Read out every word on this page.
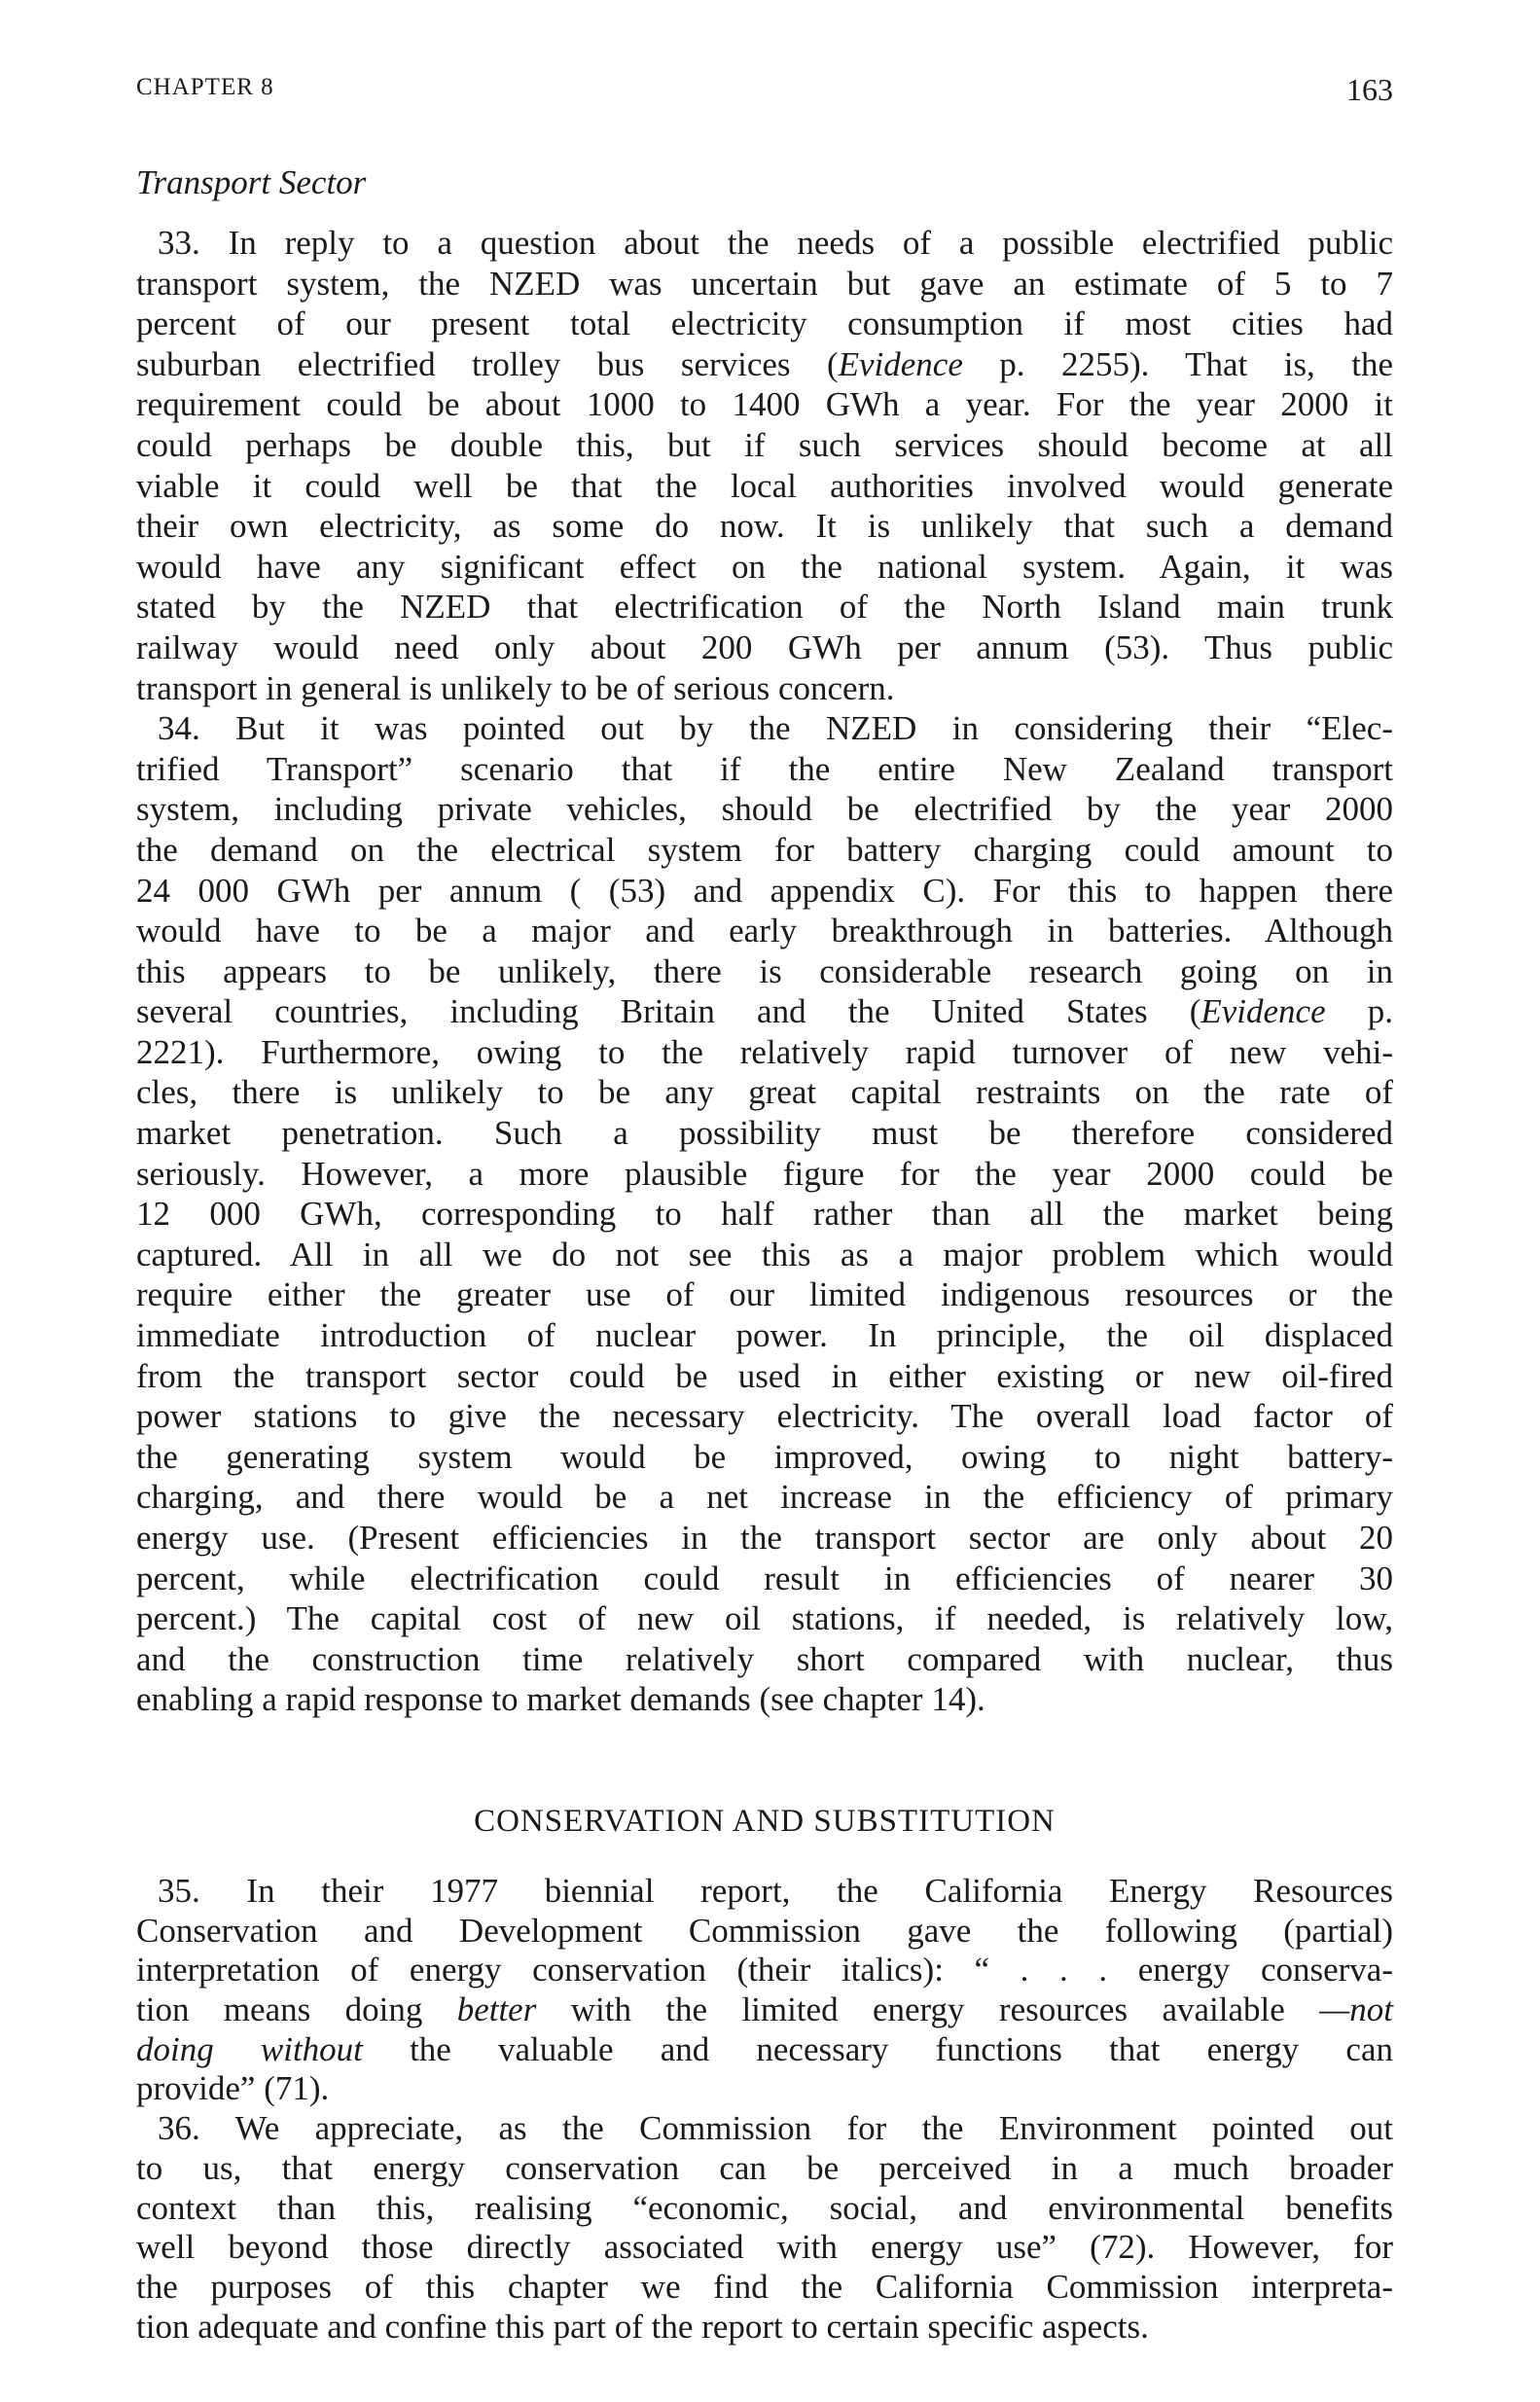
CHAPTER 8	163
Transport Sector
33. In reply to a question about the needs of a possible electrified public
transport system, the NZED was uncertain but gave an estimate of 5 to 7
percent of our present total electricity consumption if most cities had
suburban electrified trolley bus services (Evidence p. 2255). That is, the
requirement could be about 1000 to 1400 GWh a year. For the year 2000 it
could perhaps be double this, but if such services should become at all
viable it could well be that the local authorities involved would generate
their own electricity, as some do now. It is unlikely that such a demand
would have any significant effect on the national system. Again, it was
stated by the NZED that electrification of the North Island main trunk
railway would need only about 200 GWh per annum (53). Thus public
transport in general is unlikely to be of serious concern.
34. But it was pointed out by the NZED in considering their “Elec-
trified Transport” scenario that if the entire New Zealand transport
system, including private vehicles, should be electrified by the year 2000
the demand on the electrical system for battery charging could amount to
24 000 GWh per annum ( (53) and appendix C). For this to happen there
would have to be a major and early breakthrough in batteries. Although
this appears to be unlikely, there is considerable research going on in
several countries, including Britain and the United States (Evidence p.
2221). Furthermore, owing to the relatively rapid turnover of new vehi-
cles, there is unlikely to be any great capital restraints on the rate of
market penetration. Such a possibility must be therefore considered
seriously. However, a more plausible figure for the year 2000 could be
12 000 GWh, corresponding to half rather than all the market being
captured. All in all we do not see this as a major problem which would
require either the greater use of our limited indigenous resources or the
immediate introduction of nuclear power. In principle, the oil displaced
from the transport sector could be used in either existing or new oil-fired
power stations to give the necessary electricity. The overall load factor of
the generating system would be improved, owing to night battery-
charging, and there would be a net increase in the efficiency of primary
energy use. (Present efficiencies in the transport sector are only about 20
percent, while electrification could result in efficiencies of nearer 30
percent.) The capital cost of new oil stations, if needed, is relatively low,
and the construction time relatively short compared with nuclear, thus
enabling a rapid response to market demands (see chapter 14).
CONSERVATION AND SUBSTITUTION
35. In their 1977 biennial report, the California Energy Resources
Conservation and Development Commission gave the following (partial)
interpretation of energy conservation (their italics): “ . . . energy conserva-
tion means doing better with the limited energy resources available —not
doing without the valuable and necessary functions that energy can
provide” (71).
36. We appreciate, as the Commission for the Environment pointed out
to us, that energy conservation can be perceived in a much broader
context than this, realising “economic, social, and environmental benefits
well beyond those directly associated with energy use” (72). However, for
the purposes of this chapter we find the California Commission interpreta-
tion adequate and confine this part of the report to certain specific aspects.
